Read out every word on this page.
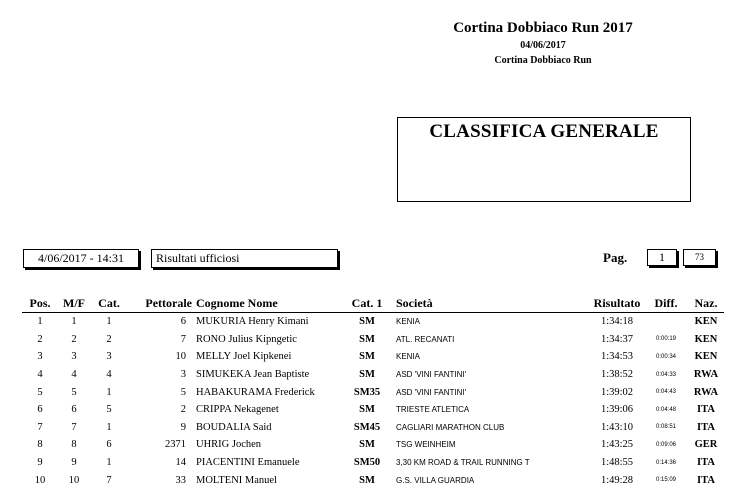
Cortina Dobbiaco Run 2017
04/06/2017
Cortina Dobbiaco Run
CLASSIFICA GENERALE
4/06/2017 - 14:31	Risultati ufficiosi	Pag.	1	73
Pos.	M/F	Cat.	Pettorale	Cognome Nome	Cat. 1	Società	Risultato	Diff.	Naz.
1	1	1	6	MUKURIA Henry Kimani	SM	KENIA	1:34:18		KEN
2	2	2	7	RONO Julius Kipngetic	SM	ATL. RECANATI	1:34:37	0:00:19	KEN
3	3	3	10	MELLY Joel Kipkenei	SM	KENIA	1:34:53	0:00:34	KEN
4	4	4	3	SIMUKEKA Jean Baptiste	SM	ASD 'VINI FANTINI'	1:38:52	0:04:33	RWA
5	5	1	5	HABAKURAMA Frederick	SM35	ASD 'VINI FANTINI'	1:39:02	0:04:43	RWA
6	6	5	2	CRIPPA Nekagenet	SM	TRIESTE ATLETICA	1:39:06	0:04:48	ITA
7	7	1	9	BOUDALIA Said	SM45	CAGLIARI MARATHON CLUB	1:43:10	0:08:51	ITA
8	8	6	2371	UHRIG Jochen	SM	TSG WEINHEIM	1:43:25	0:09:06	GER
9	9	1	14	PIACENTINI Emanuele	SM50	3,30 KM ROAD & TRAIL RUNNING T	1:48:55	0:14:36	ITA
10	10	7	33	MOLTENI Manuel	SM	G.S. VILLA GUARDIA	1:49:28	0:15:09	ITA
